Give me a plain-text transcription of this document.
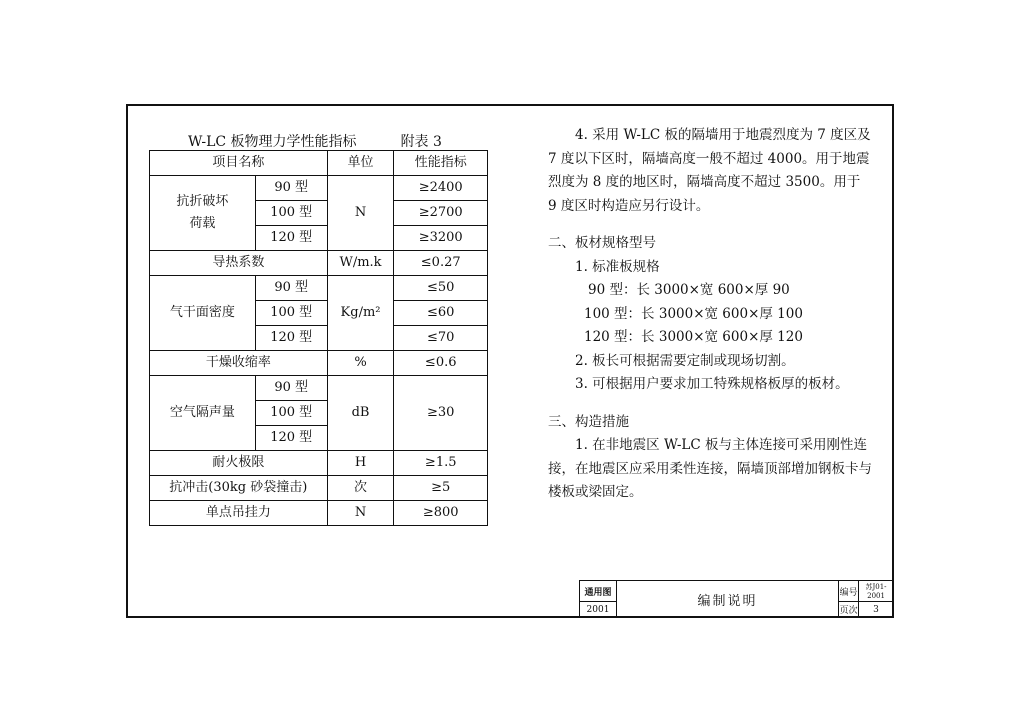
W-LC 板物理力学性能指标	附表 3
项目名称		单位	性能指标
抗折破坏
荷载	90 型	N	≥2400
	100 型		≥2700
	120 型		≥3200
导热系数		W/m.k	≤0.27
气干面密度	90 型	Kg/m²	≤50
	100 型		≤60
	120 型		≤70
干燥收缩率		%	≤0.6
空气隔声量	90 型	dB	≥30
	100 型		
	120 型		
耐火极限		H	≥1.5
抗冲击(30kg 砂袋撞击)		次	≥5
单点吊挂力		N	≥800

4. 采用 W-LC 板的隔墙用于地震烈度为 7 度区及 7 度以下区时，隔墙高度一般不超过 4000。用于地震烈度为 8 度的地区时，隔墙高度不超过 3500。用于 9 度区时构造应另行设计。

二、板材规格型号

1. 标准板规格

90 型：长 3000×宽 600×厚 90

100 型：长 3000×宽 600×厚 100

120 型：长 3000×宽 600×厚 120

2. 板长可根据需要定制或现场切割。

3. 可根据用户要求加工特殊规格板厚的板材。

三、构造措施

1. 在非地震区 W-LC 板与主体连接可采用刚性连接，在地震区应采用柔性连接，隔墙顶部增加钢板卡与楼板或梁固定。

通用图	编制说明	编号	苏J01-2001
2001		页次	3
